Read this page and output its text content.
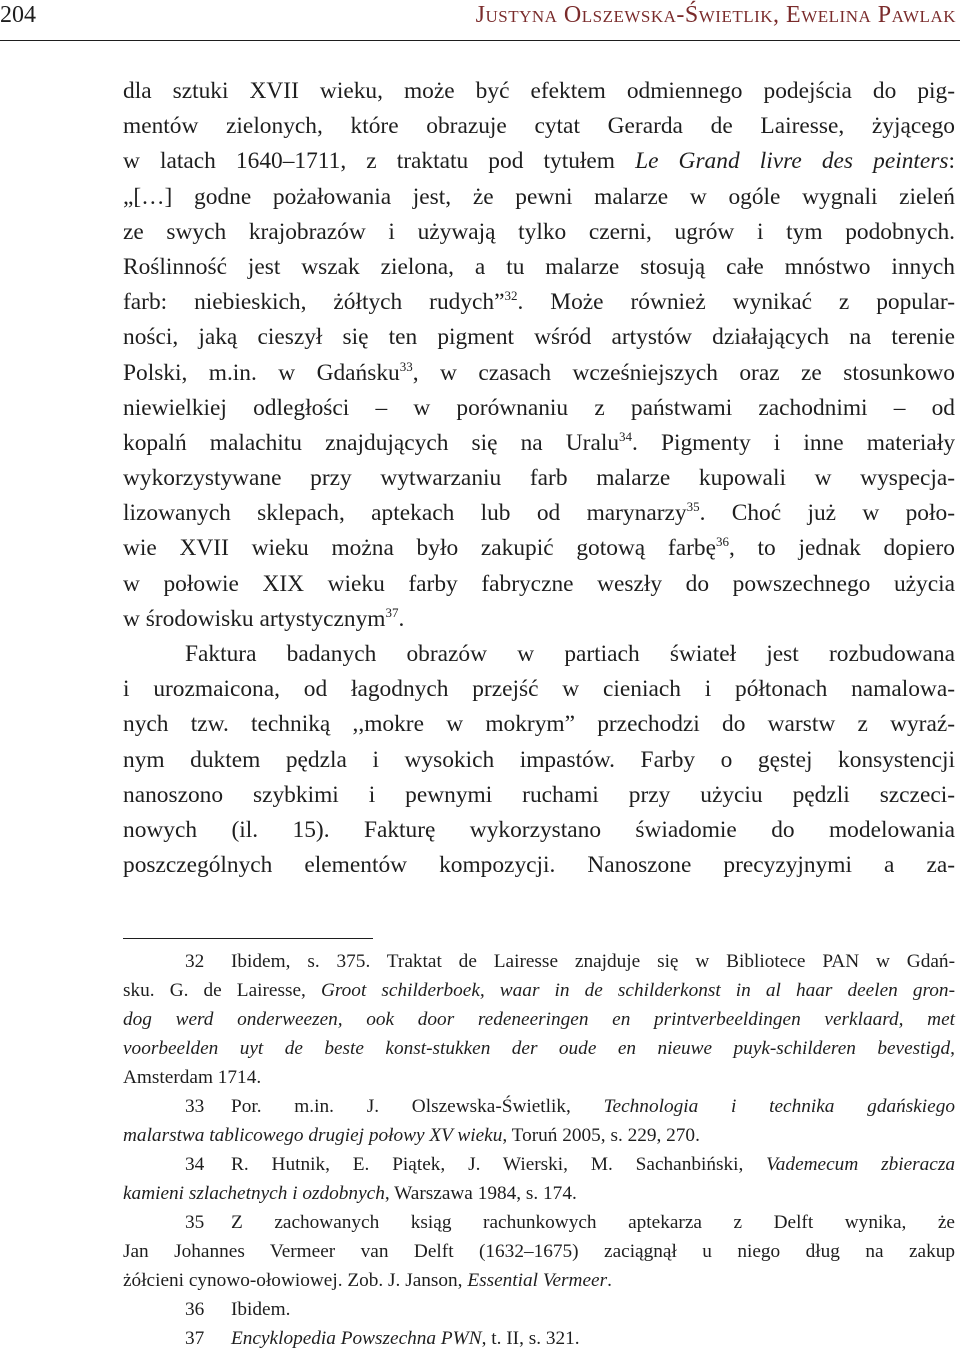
204	Justyna Olszewska-Świetlik, Ewelina Pawlak
dla sztuki XVII wieku, może być efektem odmiennego podejścia do pig-
mentów zielonych, które obrazuje cytat Gerarda de Lairesse, żyjącego
w latach 1640–1711, z traktatu pod tytułem Le Grand livre des peinters:
„[…] godne pożałowania jest, że pewni malarze w ogóle wygnali zieleń
ze swych krajobrazów i używają tylko czerni, ugrów i tym podobnych.
Roślinność jest wszak zielona, a tu malarze stosują całe mnóstwo innych
farb: niebieskich, żółtych rudych”$^{32}$. Może również wynikać z popular-
ności, jaką cieszył się ten pigment wśród artystów działających na terenie
Polski, m.in. w Gdańsku$^{33}$, w czasach wcześniejszych oraz ze stosunkowo
niewielkiej odległości – w porównaniu z państwami zachodnimi – od
kopalń malachitu znajdujących się na Uralu$^{34}$. Pigmenty i inne materiały
wykorzystywane przy wytwarzaniu farb malarze kupowali w wyspecja-
lizowanych sklepach, aptekach lub od marynarzy$^{35}$. Choć już w poło-
wie XVII wieku można było zakupić gotową farbę$^{36}$, to jednak dopiero
w połowie XIX wieku farby fabryczne weszły do powszechnego użycia
w środowisku artystycznym$^{37}$.
Faktura badanych obrazów w partiach świateł jest rozbudowana
i urozmaicona, od łagodnych przejść w cieniach i półtonach namalowa-
nych tzw. techniką ,,mokre w mokrym” przechodzi do warstw z wyraź-
nym duktem pędzla i wysokich impastów. Farby o gęstej konsystencji
nanoszono szybkimi i pewnymi ruchami przy użyciu pędzli szczeci-
nowych (il. 15). Fakturę wykorzystano świadomie do modelowania
poszczególnych elementów kompozycji. Nanoszone precyzyjnymi a za-
32 Ibidem, s. 375. Traktat de Lairesse znajduje się w Bibliotece PAN w Gdań-
sku. G. de Lairesse, Groot schilderboek, waar in de schilderkonst in al haar deelen gron-
dog werd onderweezen, ook door redeneeringen en printverbeeldingen verklaard, met
voorbeelden uyt de beste konst-stukken der oude en nieuwe puyk-schilderen bevestigd,
Amsterdam 1714.
33 Por. m.in. J. Olszewska-Świetlik, Technologia i technika gdańskiego
malarstwa tablicowego drugiej połowy XV wieku, Toruń 2005, s. 229, 270.
34 R. Hutnik, E. Piątek, J. Wierski, M. Sachanbiński, Vademecum zbieracza
kamieni szlachetnych i ozdobnych, Warszawa 1984, s. 174.
35 Z zachowanych ksiąg rachunkowych aptekarza z Delft wynika, że
Jan Johannes Vermeer van Delft (1632–1675) zaciągnął u niego dług na zakup
żółcieni cynowo-ołowiowej. Zob. J. Janson, Essential Vermeer.
36 Ibidem.
37 Encyklopedia Powszechna PWN, t. II, s. 321.
